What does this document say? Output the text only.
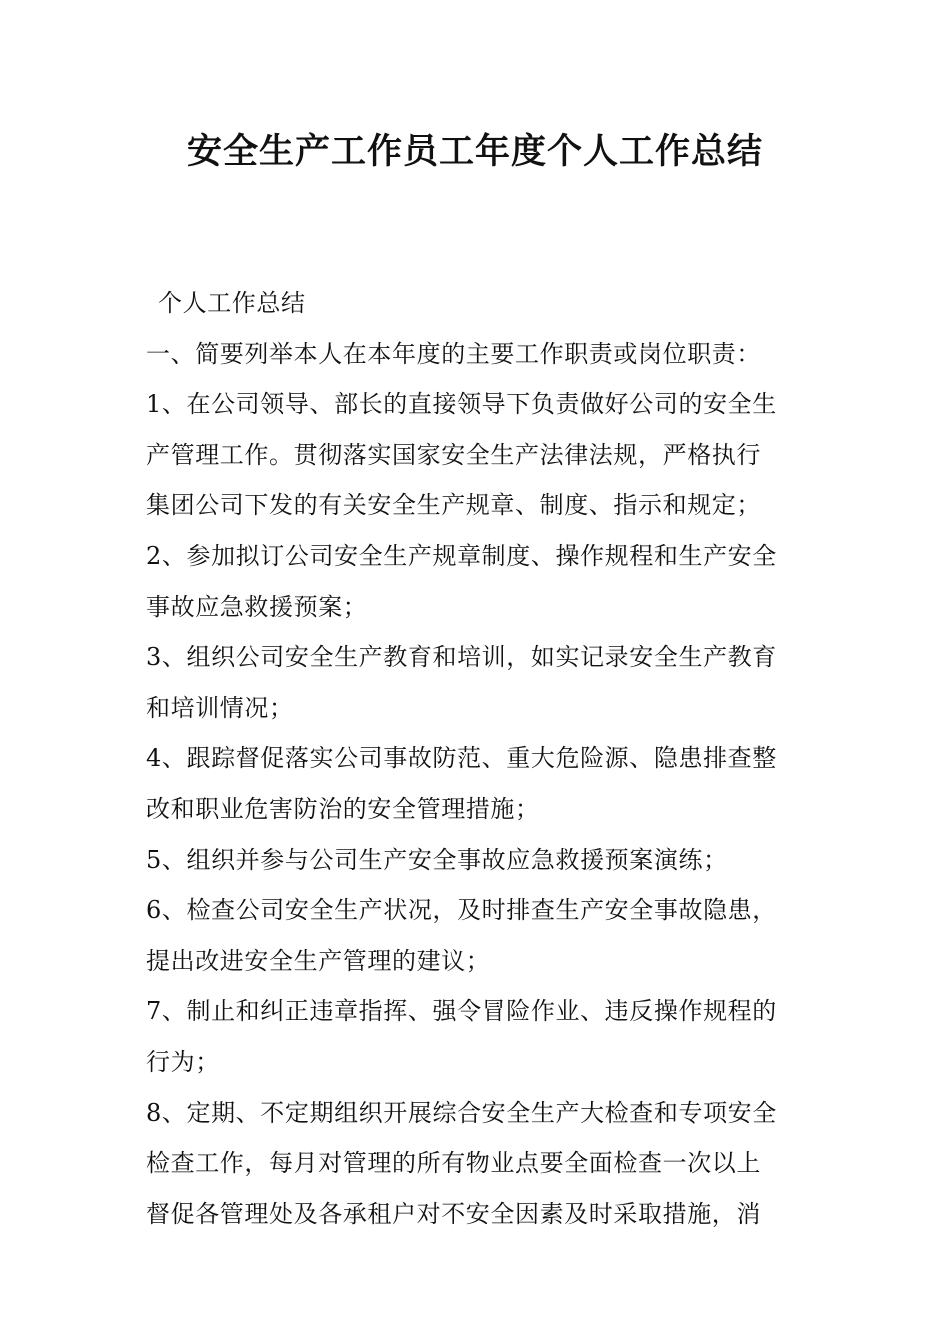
安全生产工作员工年度个人工作总结
个人工作总结
一、简要列举本人在本年度的主要工作职责或岗位职责：
1、在公司领导、部长的直接领导下负责做好公司的安全生
产管理工作。贯彻落实国家安全生产法律法规，严格执行
集团公司下发的有关安全生产规章、制度、指示和规定；
2、参加拟订公司安全生产规章制度、操作规程和生产安全
事故应急救援预案；
3、组织公司安全生产教育和培训，如实记录安全生产教育
和培训情况；
4、跟踪督促落实公司事故防范、重大危险源、隐患排查整
改和职业危害防治的安全管理措施；
5、组织并参与公司生产安全事故应急救援预案演练；
6、检查公司安全生产状况，及时排查生产安全事故隐患，
提出改进安全生产管理的建议；
7、制止和纠正违章指挥、强令冒险作业、违反操作规程的
行为；
8、定期、不定期组织开展综合安全生产大检查和专项安全
检查工作，每月对管理的所有物业点要全面检查一次以上
督促各管理处及各承租户对不安全因素及时采取措施，消
